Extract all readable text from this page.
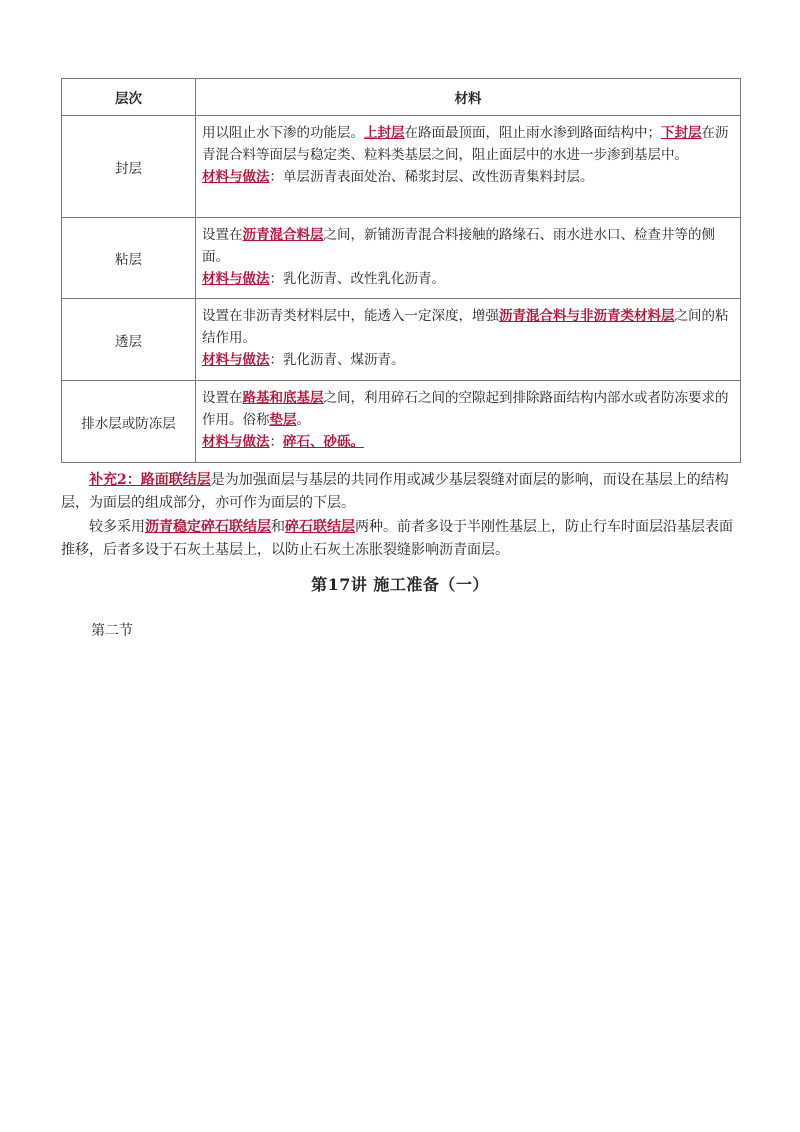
层次	材料
封层	用以阻止水下渗的功能层。上封层在路面最顶面，阻止雨水渗到路面结构中；下封层在沥青混合料等面层与稳定类、粒料类基层之间，阻止面层中的水进一步渗到基层中。
材料与做法：单层沥青表面处治、稀浆封层、改性沥青集料封层。
粘层	设置在沥青混合料层之间，新铺沥青混合料接触的路缘石、雨水进水口、检查井等的侧面。
材料与做法：乳化沥青、改性乳化沥青。
透层	设置在非沥青类材料层中，能透入一定深度，增强沥青混合料与非沥青类材料层之间的粘结作用。
材料与做法：乳化沥青、煤沥青。
排水层或防冻层	设置在路基和底基层之间，利用碎石之间的空隙起到排除路面结构内部水或者防冻要求的作用。俗称垫层。
材料与做法：碎石、砂砾。

补充2：路面联结层是为加强面层与基层的共同作用或减少基层裂缝对面层的影响，而设在基层上的结构层，为面层的组成部分，亦可作为面层的下层。

较多采用沥青稳定碎石联结层和碎石联结层两种。前者多设于半刚性基层上，防止行车时面层沿基层表面推移，后者多设于石灰土基层上，以防止石灰土冻胀裂缝影响沥青面层。

第17讲 施工准备（一）

第二节
